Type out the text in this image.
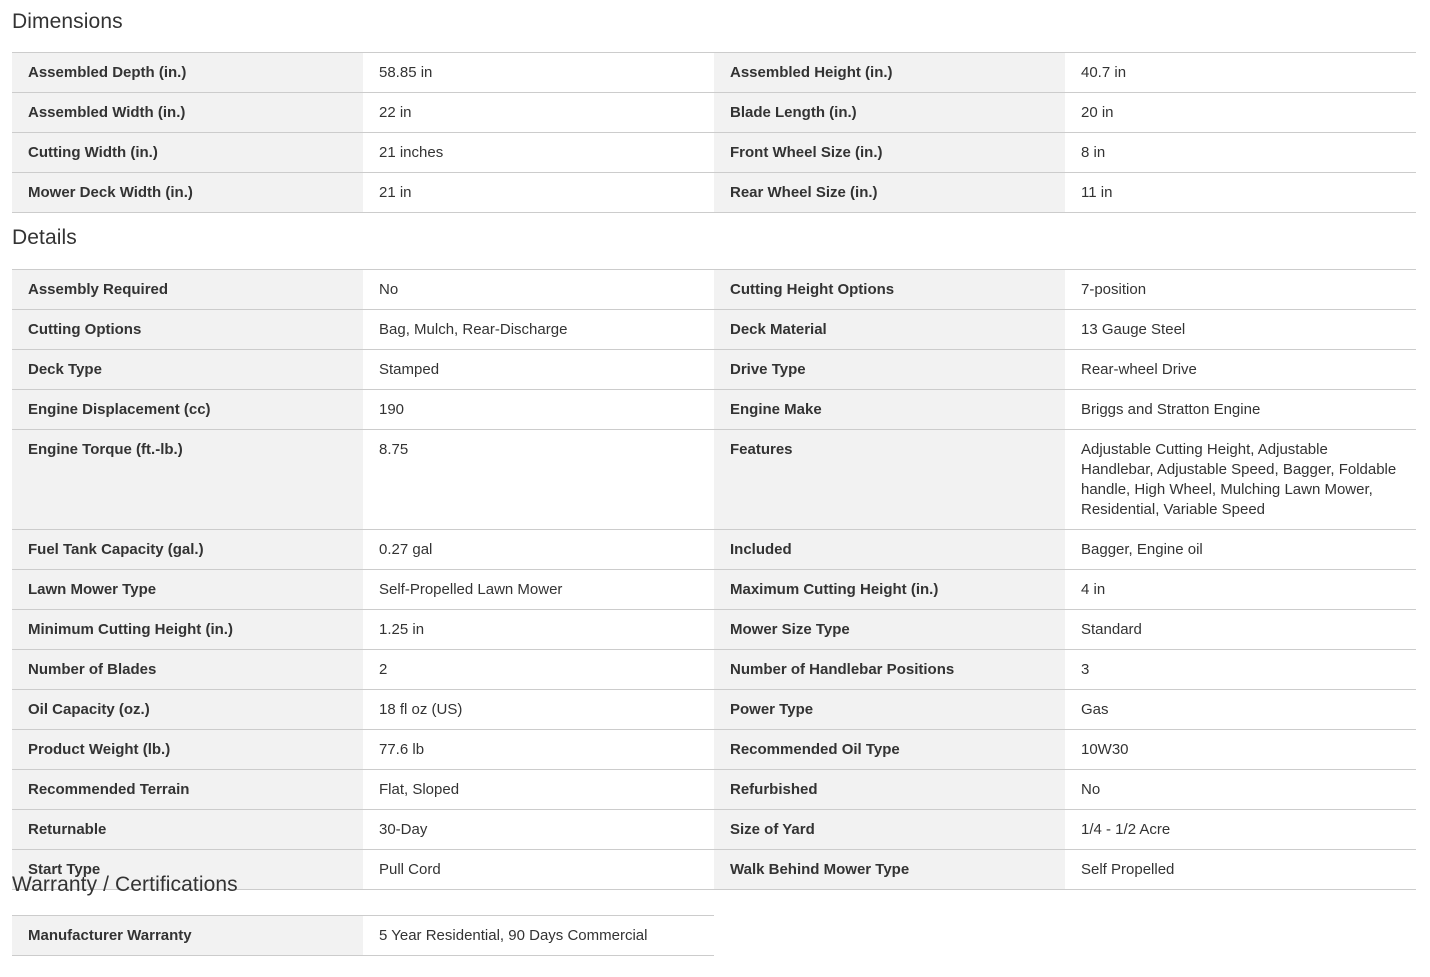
Dimensions
Assembled Depth (in.)	58.85 in	Assembled Height (in.)	40.7 in
Assembled Width (in.)	22 in	Blade Length (in.)	20 in
Cutting Width (in.)	21 inches	Front Wheel Size (in.)	8 in
Mower Deck Width (in.)	21 in	Rear Wheel Size (in.)	11 in
Details
Assembly Required	No	Cutting Height Options	7-position
Cutting Options	Bag, Mulch, Rear-Discharge	Deck Material	13 Gauge Steel
Deck Type	Stamped	Drive Type	Rear-wheel Drive
Engine Displacement (cc)	190	Engine Make	Briggs and Stratton Engine
Engine Torque (ft.-lb.)	8.75	Features	Adjustable Cutting Height, Adjustable Handlebar, Adjustable Speed, Bagger, Foldable handle, High Wheel, Mulching Lawn Mower, Residential, Variable Speed
Fuel Tank Capacity (gal.)	0.27 gal	Included	Bagger, Engine oil
Lawn Mower Type	Self-Propelled Lawn Mower	Maximum Cutting Height (in.)	4 in
Minimum Cutting Height (in.)	1.25 in	Mower Size Type	Standard
Number of Blades	2	Number of Handlebar Positions	3
Oil Capacity (oz.)	18 fl oz (US)	Power Type	Gas
Product Weight (lb.)	77.6 lb	Recommended Oil Type	10W30
Recommended Terrain	Flat, Sloped	Refurbished	No
Returnable	30-Day	Size of Yard	1/4 - 1/2 Acre
Start Type	Pull Cord	Walk Behind Mower Type	Self Propelled
Warranty / Certifications
Manufacturer Warranty	5 Year Residential, 90 Days Commercial
